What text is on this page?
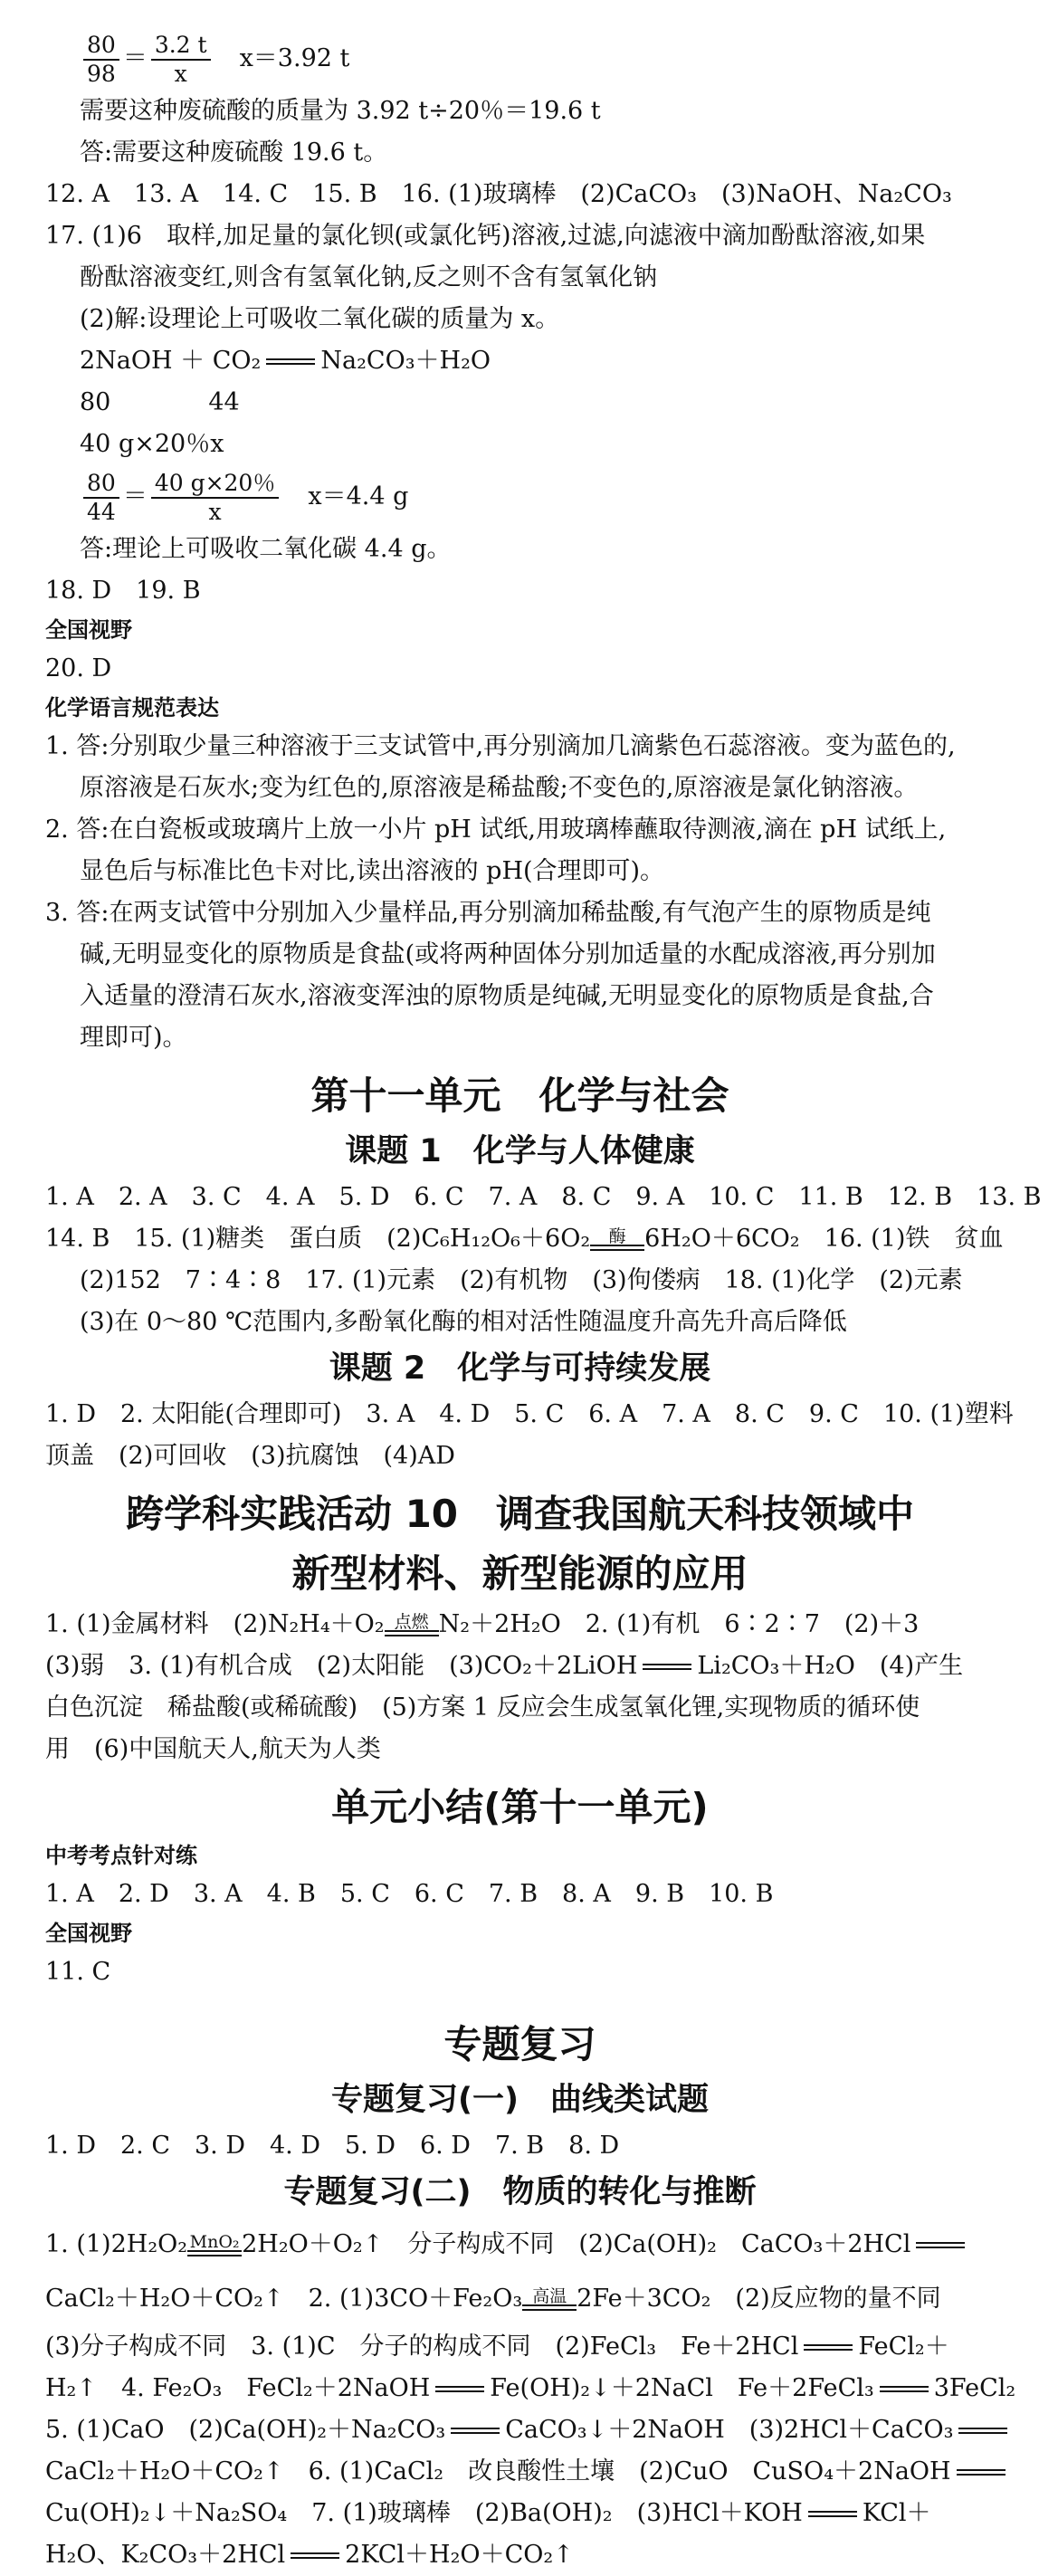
$\frac{80}{98} = \frac{3.2 t}{x} x=3.92$ t
需要这种废硫酸的质量为 3.92 t÷20％＝19.6 t
答:需要这种废硫酸 19.6 t。
12. A　13. A　14. C　15. B　16. (1)玻璃棒　(2)CaCO₃　(3)NaOH、Na₂CO₃
17. (1)6　取样,加足量的氯化钡(或氯化钙)溶液,过滤,向滤液中滴加酚酞溶液,如果
酚酞溶液变红,则含有氢氧化钠,反之则不含有氢氧化钠
(2)解:设理论上可吸收二氧化碳的质量为 x。
2NaOH ＋ CO₂ Na₂CO₃＋H₂O
80　　　　44
40 g×20％x
$\frac{80}{44} = \frac{40 g\times 20\%}{x} x=4.4$ g
答:理论上可吸收二氧化碳 4.4 g。
18. D　19. B
全国视野
20. D
化学语言规范表达
1. 答:分别取少量三种溶液于三支试管中,再分别滴加几滴紫色石蕊溶液。变为蓝色的,
原溶液是石灰水;变为红色的,原溶液是稀盐酸;不变色的,原溶液是氯化钠溶液。
2. 答:在白瓷板或玻璃片上放一小片 pH 试纸,用玻璃棒蘸取待测液,滴在 pH 试纸上,
显色后与标准比色卡对比,读出溶液的 pH(合理即可)。
3. 答:在两支试管中分别加入少量样品,再分别滴加稀盐酸,有气泡产生的原物质是纯
碱,无明显变化的原物质是食盐(或将两种固体分别加适量的水配成溶液,再分别加
入适量的澄清石灰水,溶液变浑浊的原物质是纯碱,无明显变化的原物质是食盐,合
理即可)。
第十一单元　化学与社会
课题 1　化学与人体健康
1. A　2. A　3. C　4. A　5. D　6. C　7. A　8. C　9. A　10. C　11. B　12. B　13. B
14. B　15. (1)糖类　蛋白质　(2)C₆H₁₂O₆＋6O₂	酶 6H₂O＋6CO₂　16. (1)铁　贫血
(2)152　7∶4∶8　17. (1)元素　(2)有机物　(3)佝偻病　18. (1)化学　(2)元素
(3)在 0～80 ℃范围内,多酚氧化酶的相对活性随温度升高先升高后降低
课题 2　化学与可持续发展
1. D　2. 太阳能(合理即可)　3. A　4. D　5. C　6. A　7. A　8. C　9. C　10. (1)塑料
顶盖　(2)可回收　(3)抗腐蚀　(4)AD
跨学科实践活动 10　调查我国航天科技领域中
新型材料、新型能源的应用
1. (1)金属材料　(2)N₂H₄＋O₂ 点燃 N₂＋2H₂O　2. (1)有机　6∶2∶7　(2)＋3
(3)弱　3. (1)有机合成　(2)太阳能　(3)CO₂＋2LiOH Li₂CO₃＋H₂O　(4)产生
白色沉淀　稀盐酸(或稀硫酸)　(5)方案 1 反应会生成氢氧化锂,实现物质的循环使
用　(6)中国航天人,航天为人类
单元小结(第十一单元)
中考考点针对练
1. A　2. D　3. A　4. B　5. C　6. C　7. B　8. A　9. B　10. B
全国视野
11. C
专题复习
专题复习(一)　曲线类试题
1. D　2. C　3. D　4. D　5. D　6. D　7. B　8. D
专题复习(二)　物质的转化与推断
1. (1)2H₂O₂ MnO₂ 2H₂O＋O₂↑　分子构成不同　(2)Ca(OH)₂　CaCO₃＋2HCl
CaCl₂＋H₂O＋CO₂↑　2. (1)3CO＋Fe₂O₃ 高温 2Fe＋3CO₂　(2)反应物的量不同
(3)分子构成不同　3. (1)C　分子的构成不同　(2)FeCl₃　Fe＋2HCl FeCl₂＋
H₂↑　4. Fe₂O₃　FeCl₂＋2NaOH Fe(OH)₂↓＋2NaCl　Fe＋2FeCl₃ 3FeCl₂
5. (1)CaO　(2)Ca(OH)₂＋Na₂CO₃ CaCO₃↓＋2NaOH　(3)2HCl＋CaCO₃
CaCl₂＋H₂O＋CO₂↑　6. (1)CaCl₂　改良酸性土壤　(2)CuO　CuSO₄＋2NaOH
Cu(OH)₂↓＋Na₂SO₄　7. (1)玻璃棒　(2)Ba(OH)₂　(3)HCl＋KOH KCl＋
H₂O、K₂CO₃＋2HCl 2KCl＋H₂O＋CO₂↑
